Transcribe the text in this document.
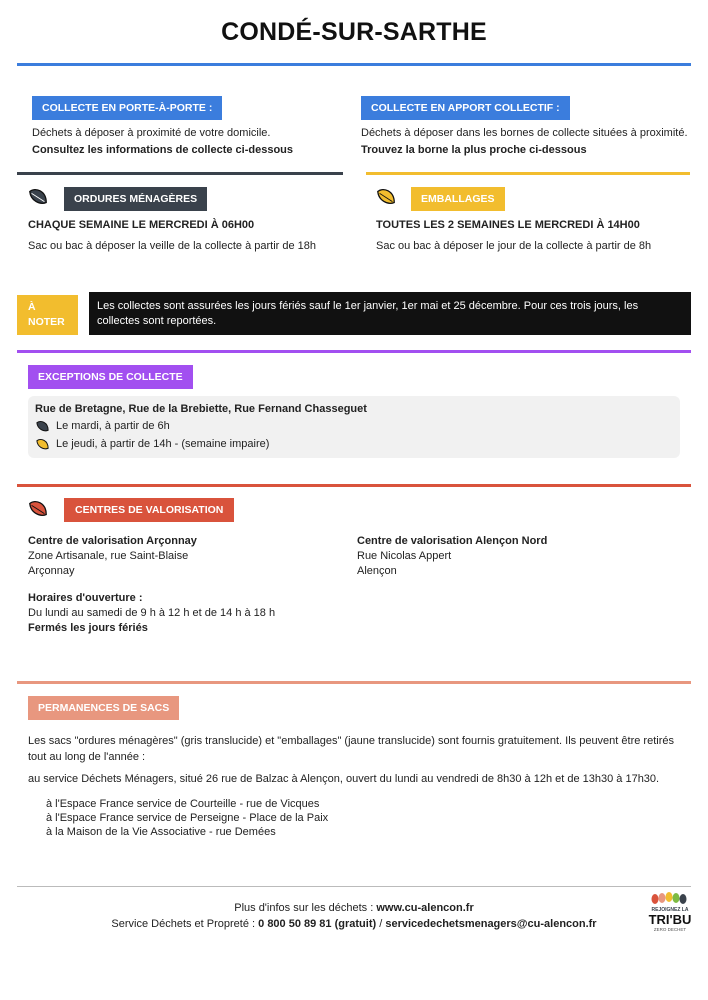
CONDÉ-SUR-SARTHE
COLLECTE EN PORTE-À-PORTE :
Déchets à déposer à proximité de votre domicile.
Consultez les informations de collecte ci-dessous
COLLECTE EN APPORT COLLECTIF :
Déchets à déposer dans les bornes de collecte situées à proximité.
Trouvez la borne la plus proche ci-dessous
ORDURES MÉNAGÈRES
CHAQUE SEMAINE LE MERCREDI À 06H00
Sac ou bac à déposer la veille de la collecte à partir de 18h
EMBALLAGES
TOUTES LES 2 SEMAINES LE MERCREDI À 14H00
Sac ou bac à déposer le jour de la collecte à partir de 8h
À
NOTER
Les collectes sont assurées les jours fériés sauf le 1er janvier, 1er mai et 25 décembre. Pour ces trois jours, les collectes sont reportées.
EXCEPTIONS DE COLLECTE
Rue de Bretagne, Rue de la Brebiette, Rue Fernand Chasseguet
Le mardi, à partir de 6h
Le jeudi, à partir de 14h - (semaine impaire)
CENTRES DE VALORISATION
Centre de valorisation Arçonnay
Zone Artisanale, rue Saint-Blaise
Arçonnay
Centre de valorisation Alençon Nord
Rue Nicolas Appert
Alençon
Horaires d'ouverture :
Du lundi au samedi de 9 h à 12 h et de 14 h à 18 h
Fermés les jours fériés
PERMANENCES DE SACS
Les sacs "ordures ménagères" (gris translucide) et "emballages" (jaune translucide) sont fournis gratuitement. Ils peuvent être retirés tout au long de l'année :
au service Déchets Ménagers, situé 26 rue de Balzac à Alençon, ouvert du lundi au vendredi de 8h30 à 12h et de 13h30 à 17h30.
à l'Espace France service de Courteille - rue de Vicques
à l'Espace France service de Perseigne - Place de la Paix
à la Maison de la Vie Associative - rue Demées
Plus d'infos sur les déchets : www.cu-alencon.fr
Service Déchets et Propreté : 0 800 50 89 81 (gratuit) / servicedechetsmenagers@cu-alencon.fr
REJOIGNEZ LA
TRI'BU
ZERO DECHET
